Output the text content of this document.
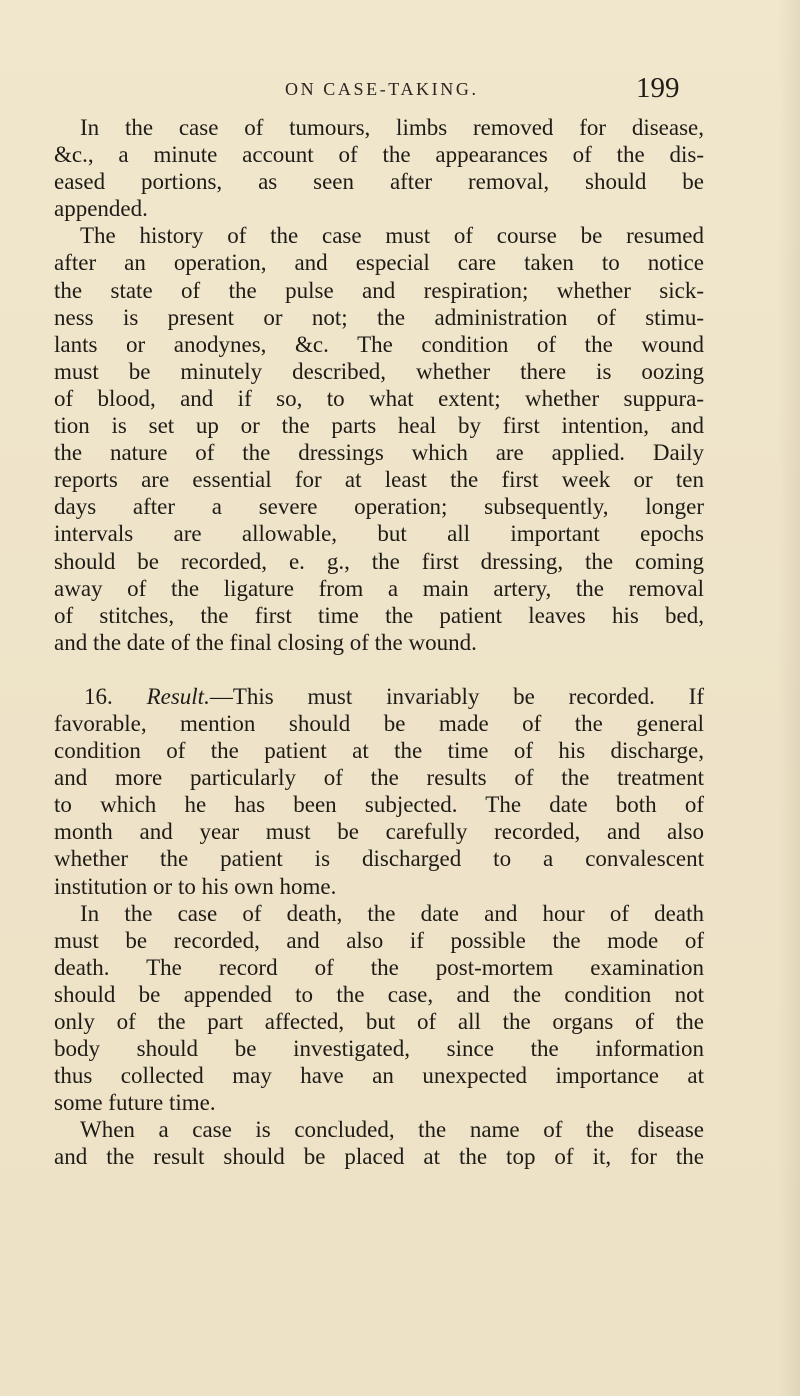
ON CASE-TAKING.	199
In the case of tumours, limbs removed for disease,
&c., a minute account of the appearances of the dis-
eased portions, as seen after removal, should be
appended.
The history of the case must of course be resumed
after an operation, and especial care taken to notice
the state of the pulse and respiration; whether sick-
ness is present or not; the administration of stimu-
lants or anodynes, &c. The condition of the wound
must be minutely described, whether there is oozing
of blood, and if so, to what extent; whether suppura-
tion is set up or the parts heal by first intention, and
the nature of the dressings which are applied. Daily
reports are essential for at least the first week or ten
days after a severe operation; subsequently, longer
intervals are allowable, but all important epochs
should be recorded, e. g., the first dressing, the coming
away of the ligature from a main artery, the removal
of stitches, the first time the patient leaves his bed,
and the date of the final closing of the wound.
16. Result.—This must invariably be recorded. If
favorable, mention should be made of the general
condition of the patient at the time of his discharge,
and more particularly of the results of the treatment
to which he has been subjected. The date both of
month and year must be carefully recorded, and also
whether the patient is discharged to a convalescent
institution or to his own home.
In the case of death, the date and hour of death
must be recorded, and also if possible the mode of
death. The record of the post-mortem examination
should be appended to the case, and the condition not
only of the part affected, but of all the organs of the
body should be investigated, since the information
thus collected may have an unexpected importance at
some future time.
When a case is concluded, the name of the disease
and the result should be placed at the top of it, for the
